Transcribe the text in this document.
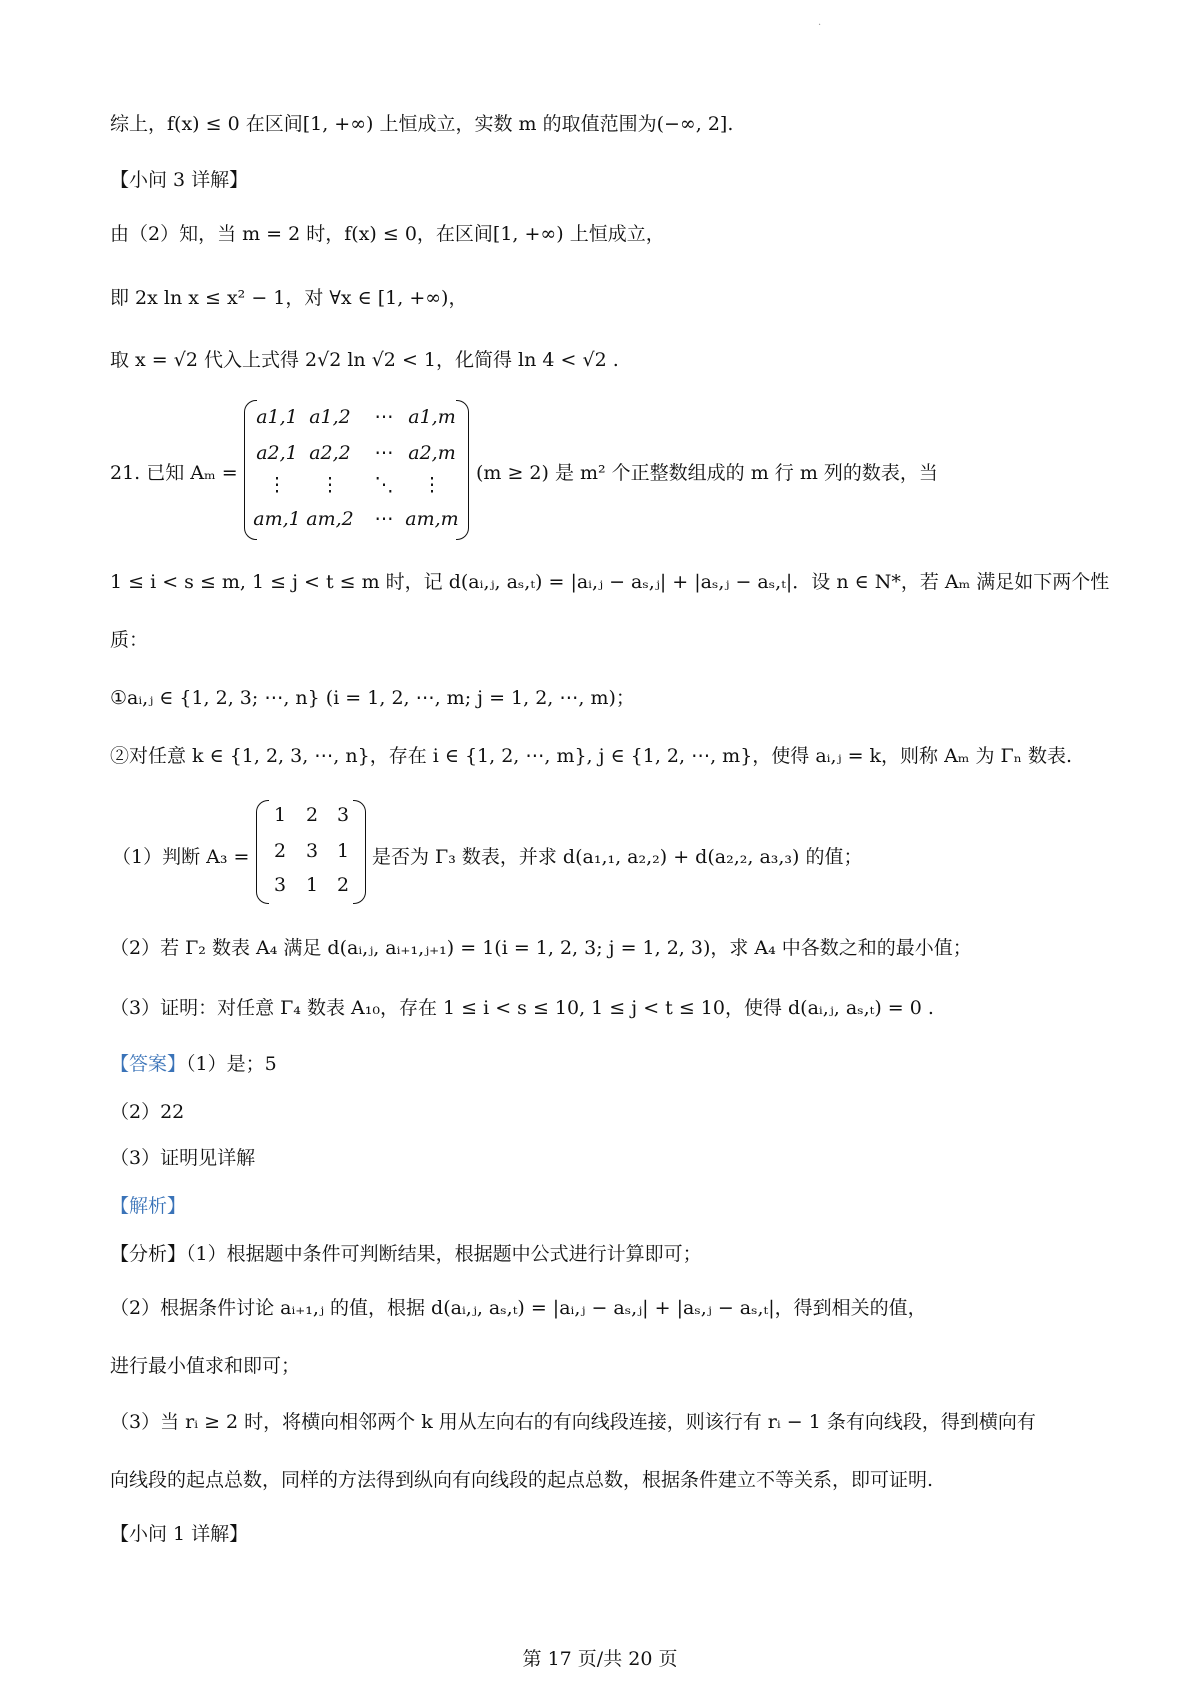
·
综上，f(x) ≤ 0 在区间[1, +∞) 上恒成立，实数 m 的取值范围为(−∞, 2].
【小问 3 详解】
由（2）知，当 m = 2 时，f(x) ≤ 0，在区间[1, +∞) 上恒成立，
即 2x ln x ≤ x² − 1，对 ∀x ∈ [1, +∞)，
取 x = √2 代入上式得 2√2 ln √2 < 1，化简得 ln 4 < √2 .
21. 已知 Aₘ =
a1,1 a1,2 ⋯ a1,m
a2,1 a2,2 ⋯ a2,m
⋮ ⋮ ⋱ ⋮
am,1 am,2 ⋯ am,m
(m ≥ 2) 是 m² 个正整数组成的 m 行 m 列的数表，当
1 ≤ i < s ≤ m, 1 ≤ j < t ≤ m 时，记 d(aᵢ,ⱼ, aₛ,ₜ) = |aᵢ,ⱼ − aₛ,ⱼ| + |aₛ,ⱼ − aₛ,ₜ|．设 n ∈ N*，若 Aₘ 满足如下两个性
质：
①aᵢ,ⱼ ∈ {1, 2, 3; ⋯, n} (i = 1, 2, ⋯, m; j = 1, 2, ⋯, m)；
②对任意 k ∈ {1, 2, 3, ⋯, n}，存在 i ∈ {1, 2, ⋯, m}, j ∈ {1, 2, ⋯, m}，使得 aᵢ,ⱼ = k，则称 Aₘ 为 Γₙ 数表.
（1）判断 A₃ =
1 2 3
2 3 1
3 1 2
是否为 Γ₃ 数表，并求 d(a₁,₁, a₂,₂) + d(a₂,₂, a₃,₃) 的值；
（2）若 Γ₂ 数表 A₄ 满足 d(aᵢ,ⱼ, aᵢ₊₁,ⱼ₊₁) = 1(i = 1, 2, 3; j = 1, 2, 3)，求 A₄ 中各数之和的最小值；
（3）证明：对任意 Γ₄ 数表 A₁₀，存在 1 ≤ i < s ≤ 10, 1 ≤ j < t ≤ 10，使得 d(aᵢ,ⱼ, aₛ,ₜ) = 0 .
【答案】（1）是；5
（2）22
（3）证明见详解
【解析】
【分析】（1）根据题中条件可判断结果，根据题中公式进行计算即可；
（2）根据条件讨论 aᵢ₊₁,ⱼ 的值，根据 d(aᵢ,ⱼ, aₛ,ₜ) = |aᵢ,ⱼ − aₛ,ⱼ| + |aₛ,ⱼ − aₛ,ₜ|，得到相关的值，
进行最小值求和即可；
（3）当 rᵢ ≥ 2 时，将横向相邻两个 k 用从左向右的有向线段连接，则该行有 rᵢ − 1 条有向线段，得到横向有
向线段的起点总数，同样的方法得到纵向有向线段的起点总数，根据条件建立不等关系，即可证明.
【小问 1 详解】
第 17 页/共 20 页
